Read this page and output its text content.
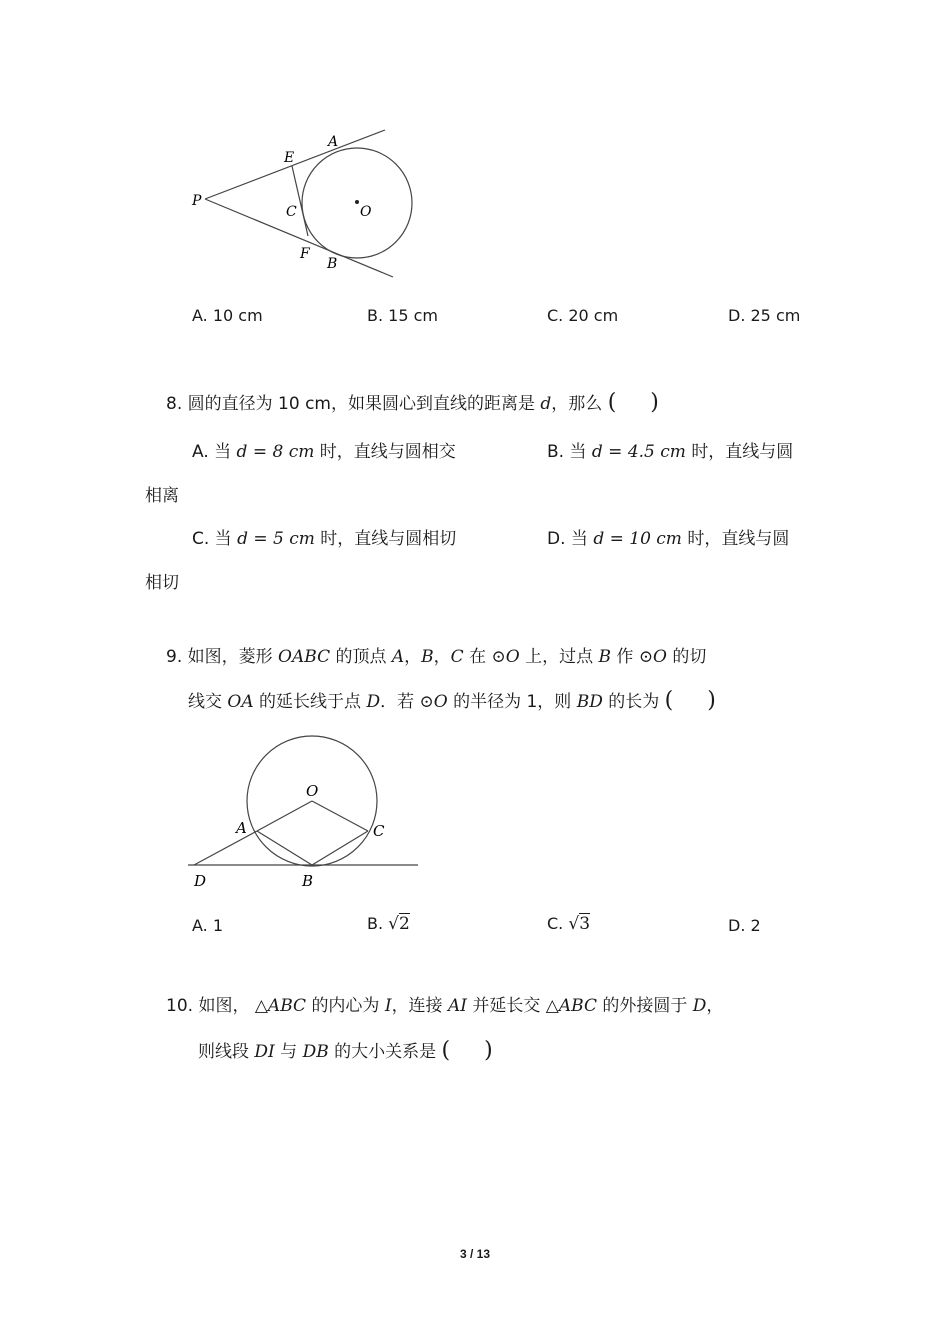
P
E
A
C	O
F
B
A. 10 cm	B. 15 cm	C. 20 cm	D. 25 cm
8. 圆的直径为 10 cm，如果圆心到直线的距离是 d，那么 ( )
A. 当 d = 8 cm 时，直线与圆相交	B. 当 d = 4.5 cm 时，直线与圆
相离
C. 当 d = 5 cm 时，直线与圆相切	D. 当 d = 10 cm 时，直线与圆
相切
9. 如图，菱形 OABC 的顶点 A，B，C 在 ⊙O 上，过点 B 作 ⊙O 的切
线交 OA 的延长线于点 D．若 ⊙O 的半径为 1，则 BD 的长为 ( )
O
A	C
D	B
A. 1	B. √2	C. √3	D. 2
10. 如图， △ABC 的内心为 I，连接 AI 并延长交 △ABC 的外接圆于 D，
则线段 DI 与 DB 的大小关系是 ( )
3 / 13
